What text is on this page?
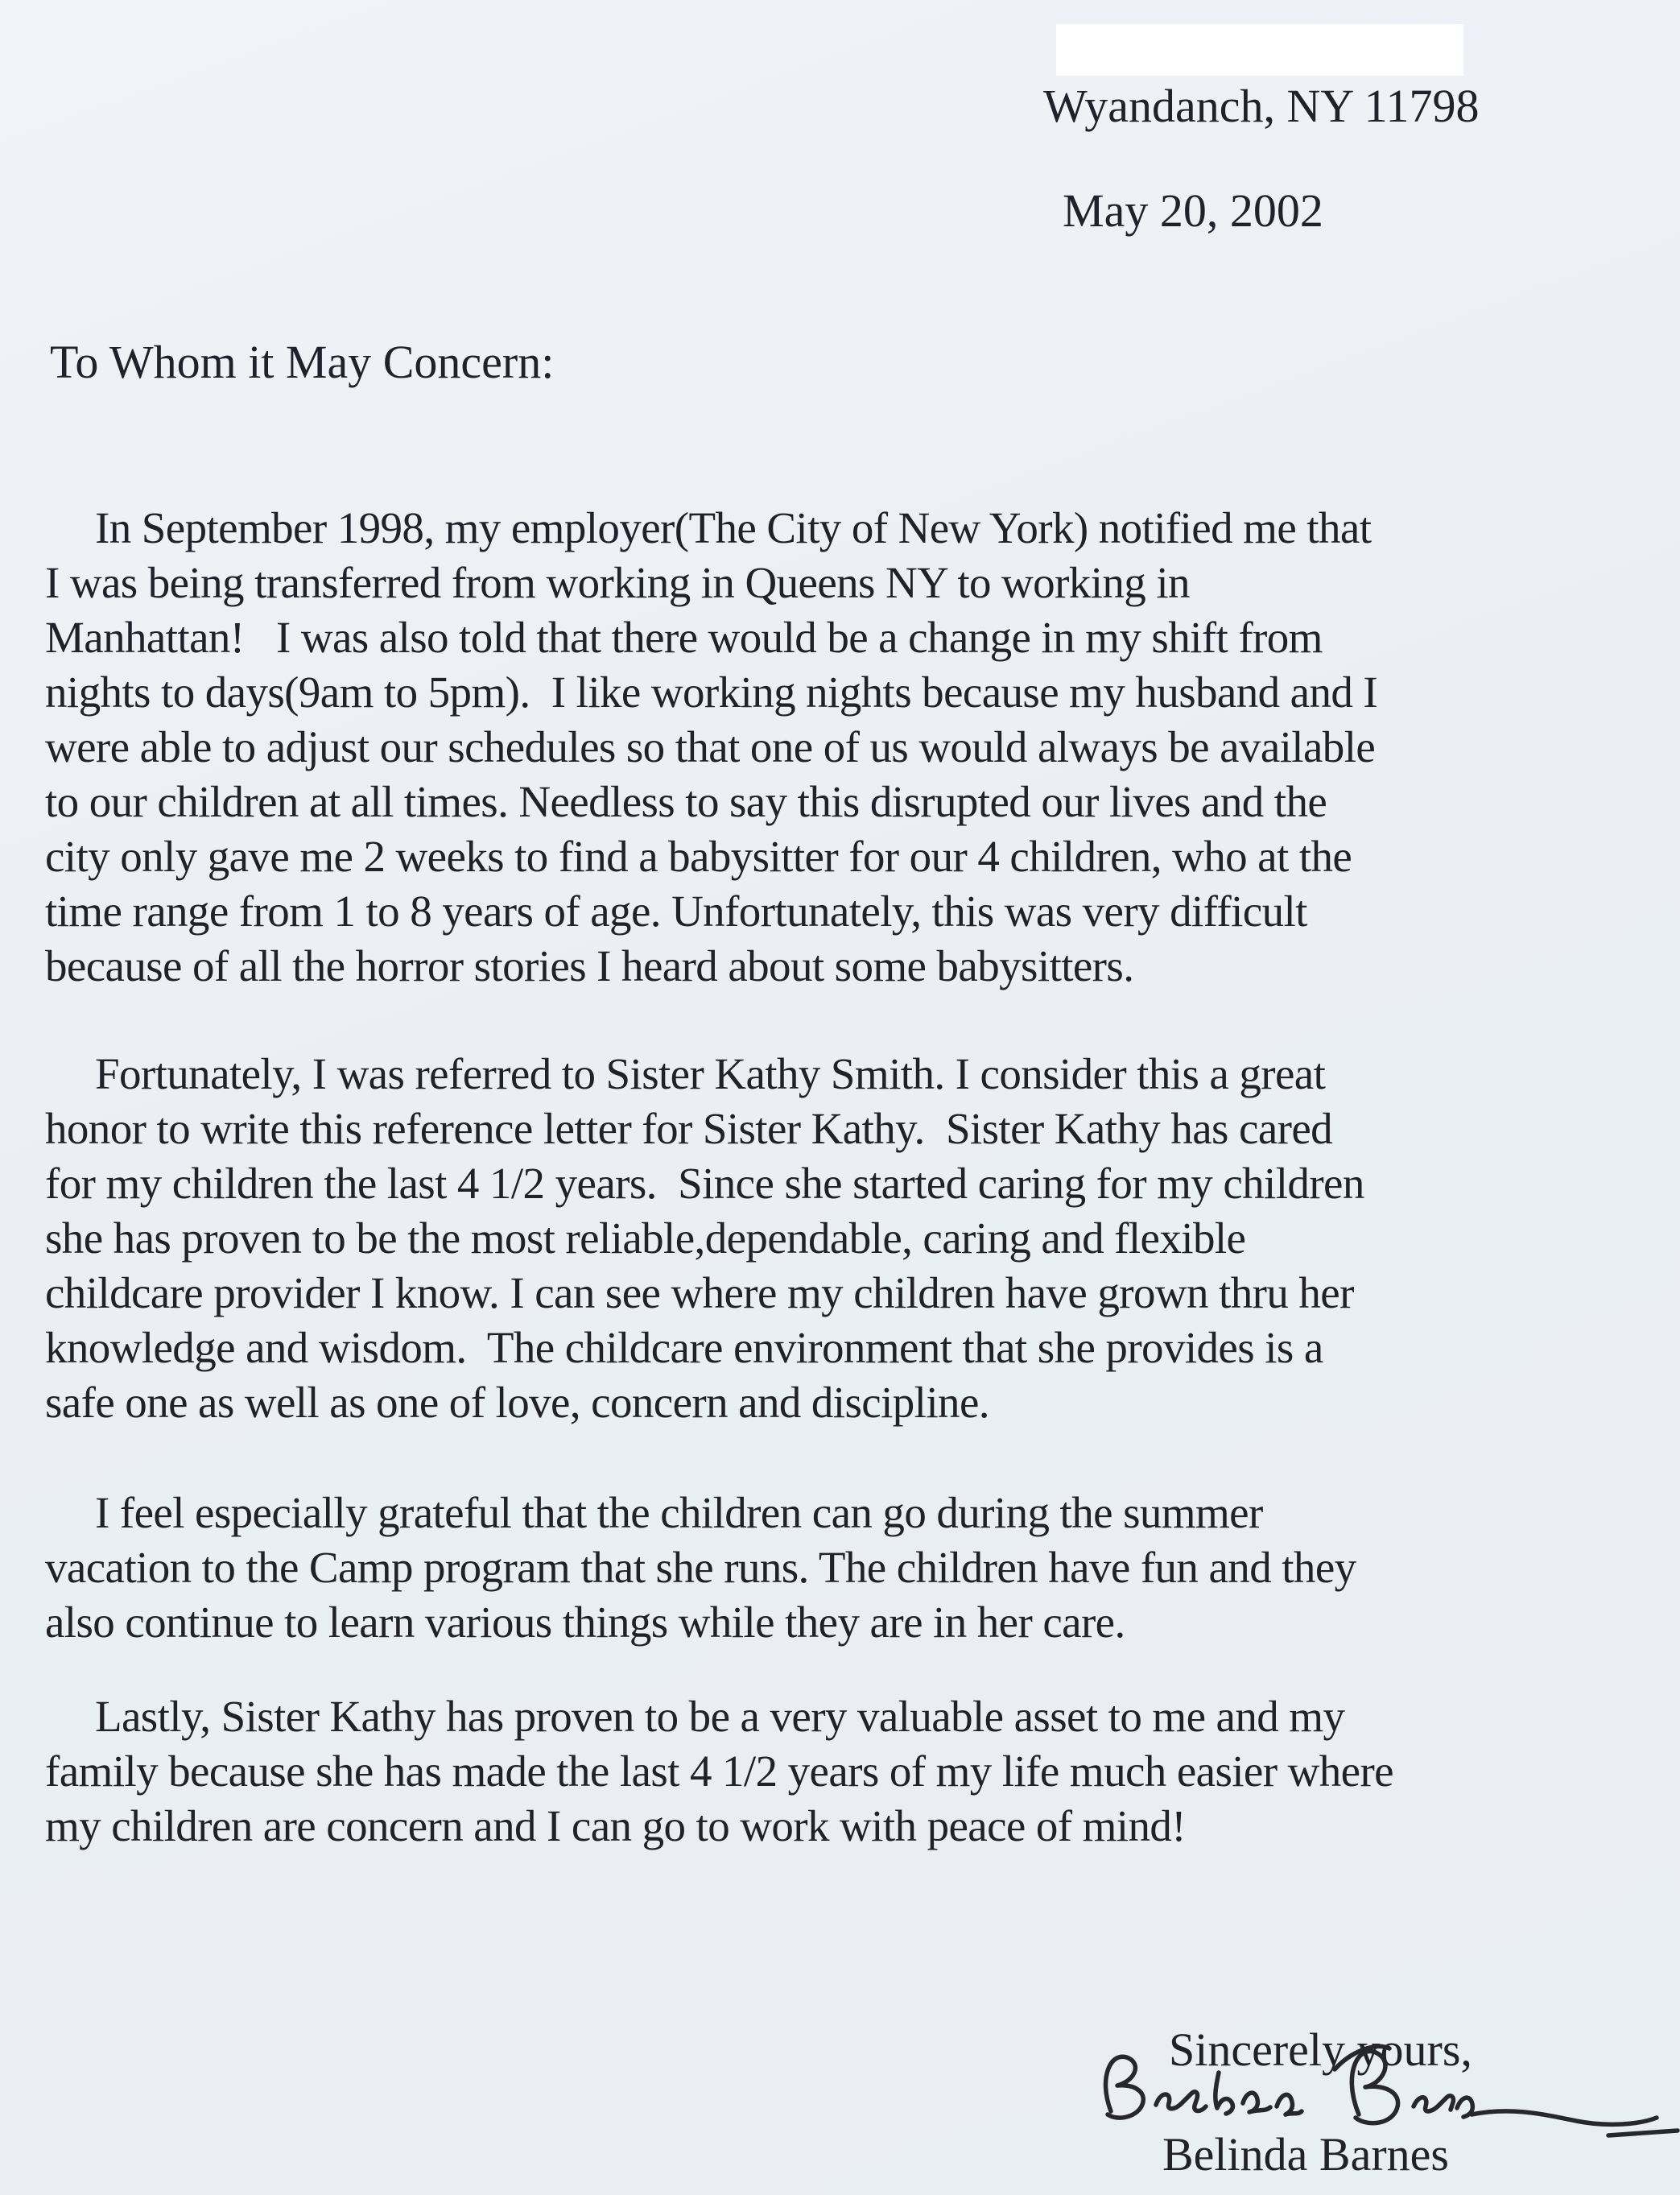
Wyandanch, NY 11798
May 20, 2002
To Whom it May Concern:
In September 1998, my employer(The City of New York) notified me that
I was being transferred from working in Queens NY to working in
Manhattan!   I was also told that there would be a change in my shift from
nights to days(9am to 5pm).  I like working nights because my husband and I
were able to adjust our schedules so that one of us would always be available
to our children at all times. Needless to say this disrupted our lives and the
city only gave me 2 weeks to find a babysitter for our 4 children, who at the
time range from 1 to 8 years of age. Unfortunately, this was very difficult
because of all the horror stories I heard about some babysitters.
Fortunately, I was referred to Sister Kathy Smith. I consider this a great
honor to write this reference letter for Sister Kathy.  Sister Kathy has cared
for my children the last 4 1/2 years.  Since she started caring for my children
she has proven to be the most reliable,dependable, caring and flexible
childcare provider I know. I can see where my children have grown thru her
knowledge and wisdom.  The childcare environment that she provides is a
safe one as well as one of love, concern and discipline.
I feel especially grateful that the children can go during the summer
vacation to the Camp program that she runs. The children have fun and they
also continue to learn various things while they are in her care.
Lastly, Sister Kathy has proven to be a very valuable asset to me and my
family because she has made the last 4 1/2 years of my life much easier where
my children are concern and I can go to work with peace of mind!
Sincerely yours,
Belinda Barnes
